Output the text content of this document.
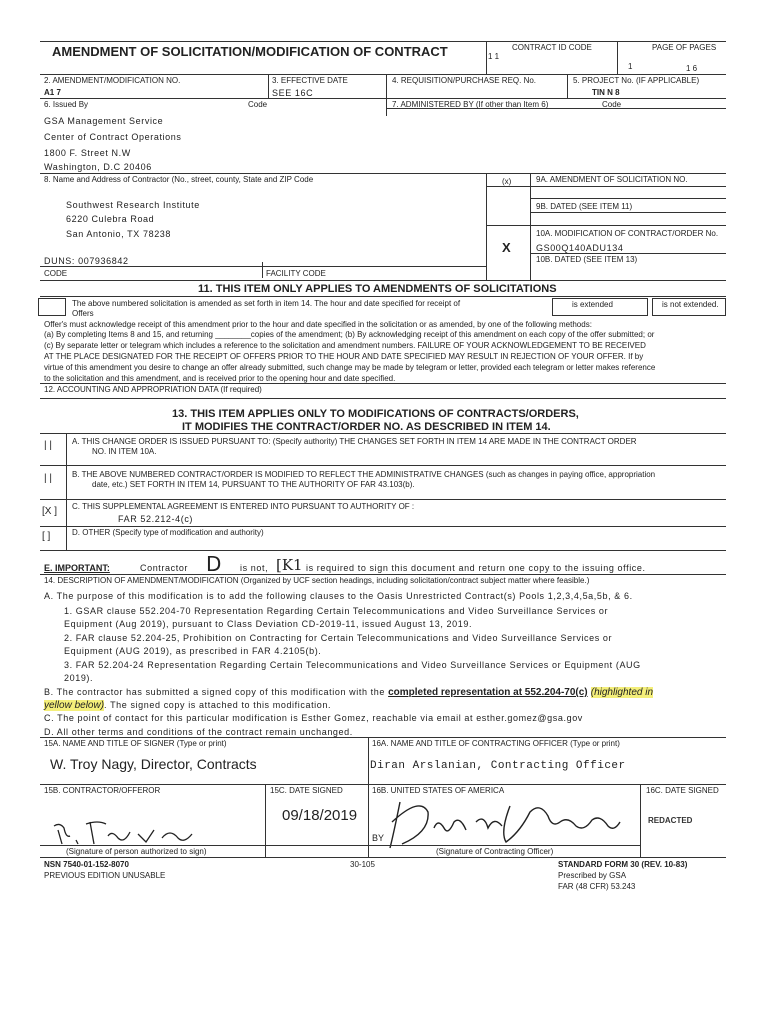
AMENDMENT OF SOLICITATION/MODIFICATION OF CONTRACT	CONTRACT ID CODE
1 1
PAGE OF PAGES
1	1 6
2. AMENDMENT/MODIFICATION NO.
A1 7
3. EFFECTIVE DATE
SEE 16C
4. REQUISITION/PURCHASE REQ. No.	5. PROJECT No. (IF APPLICABLE)
TIN N 8
6. Issued By	Code	7. ADMINISTERED BY (If other than Item 6)	Code
GSA Management Service
Center of Contract Operations
1800 F. Street N.W
Washington, D.C 20406
8. Name and Address of Contractor (No., street, county, State and ZIP Code	(x)	9A. AMENDMENT OF SOLICITATION NO.
Southwest Research Institute
6220 Culebra Road
San Antonio, TX 78238
9B. DATED (SEE ITEM 11)
10A. MODIFICATION OF CONTRACT/ORDER No.
X	GS00Q140ADU134
10B. DATED (SEE ITEM 13)
DUNS: 007936842
CODE	FACILITY CODE
11. THIS ITEM ONLY APPLIES TO AMENDMENTS OF SOLICITATIONS
The above numbered solicitation is amended as set forth in item 14. The hour and date specified for receipt of
Offers
is extended	is not extended.
Offer's must acknowledge receipt of this amendment prior to the hour and date specified in the solicitation or as amended, by one of the following methods:
(a) By completing Items 8 and 15, and returning ________copies of the amendment; (b) By acknowledging receipt of this amendment on each copy of the offer submitted; or
(c) By separate letter or telegram which includes a reference to the solicitation and amendment numbers. FAILURE OF YOUR ACKNOWLEDGEMENT TO BE RECEIVED
AT THE PLACE DESIGNATED FOR THE RECEIPT OF OFFERS PRIOR TO THE HOUR AND DATE SPECIFIED MAY RESULT IN REJECTION OF YOUR OFFER. If by
virtue of this amendment you desire to change an offer already submitted, such change may be made by telegram or letter, provided each telegram or letter makes reference
to the solicitation and this amendment, and is received prior to the opening hour and date specified.
12. ACCOUNTING AND APPROPRIATION DATA (If required)
13. THIS ITEM APPLIES ONLY TO MODIFICATIONS OF CONTRACTS/ORDERS,
IT MODIFIES THE CONTRACT/ORDER NO. AS DESCRIBED IN ITEM 14.
| |	A. THIS CHANGE ORDER IS ISSUED PURSUANT TO: (Specify authority) THE CHANGES SET FORTH IN ITEM 14 ARE MADE IN THE CONTRACT ORDER
NO. IN ITEM 10A.
| |	B. THE ABOVE NUMBERED CONTRACT/ORDER IS MODIFIED TO REFLECT THE ADMINISTRATIVE CHANGES (such as changes in paying office, appropriation
date, etc.) SET FORTH IN ITEM 14, PURSUANT TO THE AUTHORITY OF FAR 43.103(b).
[X ] C. THIS SUPPLEMENTAL AGREEMENT IS ENTERED INTO PURSUANT TO AUTHORITY OF :
FAR 52.212-4(c)
[ ]	D. OTHER (Specify type of modification and authority)
E. IMPORTANT:	Contractor D is not, [K1 is required to sign this document and return one copy to the issuing office.
14. DESCRIPTION OF AMENDMENT/MODIFICATION (Organized by UCF section headings, including solicitation/contract subject matter where feasible.)
A. The purpose of this modification is to add the following clauses to the Oasis Unrestricted Contract(s) Pools 1,2,3,4,5a,5b, & 6.
1. GSAR clause 552.204-70 Representation Regarding Certain Telecommunications and Video Surveillance Services or
Equipment (Aug 2019), pursuant to Class Deviation CD-2019-11, issued August 13, 2019.
2. FAR clause 52.204-25, Prohibition on Contracting for Certain Telecommunications and Video Surveillance Services or
Equipment (AUG 2019), as prescribed in FAR 4.2105(b).
3. FAR 52.204-24 Representation Regarding Certain Telecommunications and Video Surveillance Services or Equipment (AUG
2019).
B. The contractor has submitted a signed copy of this modification with the completed representation at 552.204-70(c) (highlighted in
yellow below). The signed copy is attached to this modification.
C. The point of contact for this particular modification is Esther Gomez, reachable via email at esther.gomez@gsa.gov
D. All other terms and conditions of the contract remain unchanged.
15A. NAME AND TITLE OF SIGNER (Type or print)	16A. NAME AND TITLE OF CONTRACTING OFFICER (Type or print)
W. Troy Nagy, Director, Contracts	Diran Arslanian, Contracting Officer
15B. CONTRACTOR/OFFEROR	15C. DATE SIGNED
09/18/2019
16B. UNITED STATES OF AMERICA	16C. DATE SIGNED
REDACTED
BY
(Signature of person authorized to sign)	(Signature of Contracting Officer)
NSN 7540-01-152-8070
PREVIOUS EDITION UNUSABLE
30-105	STANDARD FORM 30 (REV. 10-83)
Prescribed by GSA
FAR (48 CFR) 53.243
